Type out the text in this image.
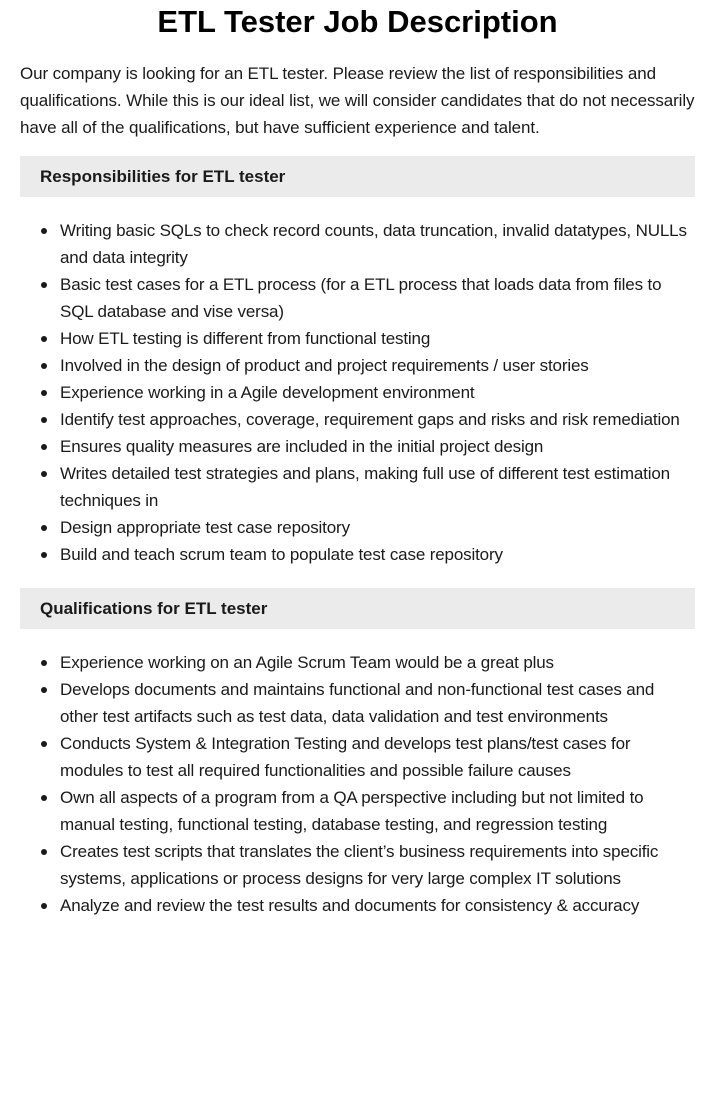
ETL Tester Job Description

Our company is looking for an ETL tester. Please review the list of responsibilities and qualifications. While this is our ideal list, we will consider candidates that do not necessarily have all of the qualifications, but have sufficient experience and talent.

Responsibilities for ETL tester
Writing basic SQLs to check record counts, data truncation, invalid datatypes, NULLs and data integrity
Basic test cases for a ETL process (for a ETL process that loads data from files to SQL database and vise versa)
How ETL testing is different from functional testing
Involved in the design of product and project requirements / user stories
Experience working in a Agile development environment
Identify test approaches, coverage, requirement gaps and risks and risk remediation
Ensures quality measures are included in the initial project design
Writes detailed test strategies and plans, making full use of different test estimation techniques in
Design appropriate test case repository
Build and teach scrum team to populate test case repository
Qualifications for ETL tester
Experience working on an Agile Scrum Team would be a great plus
Develops documents and maintains functional and non-functional test cases and other test artifacts such as test data, data validation and test environments
Conducts System & Integration Testing and develops test plans/test cases for modules to test all required functionalities and possible failure causes
Own all aspects of a program from a QA perspective including but not limited to manual testing, functional testing, database testing, and regression testing
Creates test scripts that translates the client’s business requirements into specific systems, applications or process designs for very large complex IT solutions
Analyze and review the test results and documents for consistency & accuracy
